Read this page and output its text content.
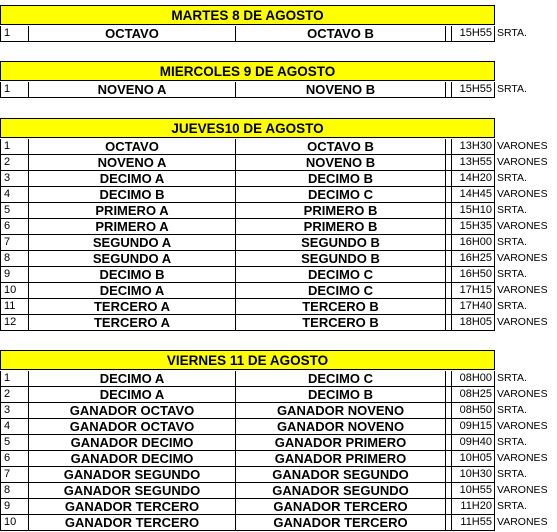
MARTES 8 DE AGOSTO
1	OCTAVO	OCTAVO B	15H55 SRTA.
MIERCOLES 9 DE AGOSTO
1	NOVENO A	NOVENO B	15H55 SRTA.
JUEVES10 DE AGOSTO
1	OCTAVO	OCTAVO B	13H30 VARONES
2	NOVENO A	NOVENO B	13H55 VARONES
3	DECIMO A	DECIMO B	14H20 SRTA.
4	DECIMO B	DECIMO C	14H45 VARONES
5	PRIMERO A	PRIMERO B	15H10 SRTA.
6	PRIMERO A	PRIMERO B	15H35 VARONES
7	SEGUNDO A	SEGUNDO B	16H00 SRTA.
8	SEGUNDO A	SEGUNDO B	16H25 VARONES
9	DECIMO B	DECIMO C	16H50 SRTA.
10	DECIMO A	DECIMO C	17H15 VARONES
11	TERCERO A	TERCERO B	17H40 SRTA.
12	TERCERO A	TERCERO B	18H05 VARONES
VIERNES 11 DE AGOSTO
1	DECIMO A	DECIMO C	08H00 SRTA.
2	DECIMO A	DECIMO B	08H25 VARONES
3	GANADOR OCTAVO	GANADOR NOVENO	08H50 SRTA.
4	GANADOR OCTAVO	GANADOR NOVENO	09H15 VARONES
5	GANADOR DECIMO	GANADOR PRIMERO	09H40 SRTA.
6	GANADOR DECIMO	GANADOR PRIMERO	10H05 VARONES
7	GANADOR SEGUNDO	GANADOR SEGUNDO	10H30 SRTA.
8	GANADOR SEGUNDO	GANADOR SEGUNDO	10H55 VARONES
9	GANADOR TERCERO	GANADOR TERCERO	11H20 SRTA.
10	GANADOR TERCERO	GANADOR TERCERO	11H55 VARONES
